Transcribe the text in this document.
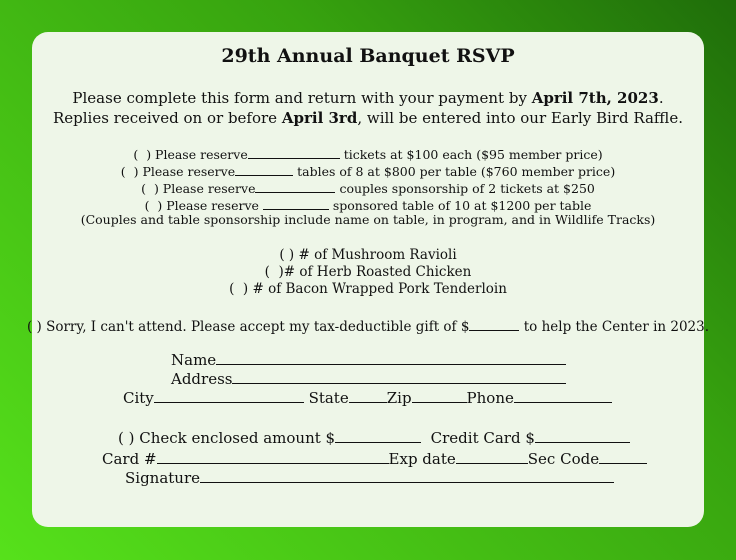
29th Annual Banquet RSVP
Please complete this form and return with your payment by April 7th, 2023.
Replies received on or before April 3rd, will be entered into our Early Bird Raffle.
(  ) Please reserve	tickets at $100 each ($95 member price)
(  ) Please reserve	tables of 8 at $800 per table ($760 member price)
(  ) Please reserve	couples sponsorship of 2 tickets at $250
(  ) Please reserve	sponsored table of 10 at $1200 per table
(Couples and table sponsorship include name on table, in program, and in Wildlife Tracks)
( ) # of Mushroom Ravioli
(  )# of Herb Roasted Chicken
(  ) # of Bacon Wrapped Pork Tenderloin
( ) Sorry, I can't attend. Please accept my tax-deductible gift of $	to help the Center in 2023.
Name
Address
City	State	Zip	Phone
( ) Check enclosed amount $	Credit Card $
Card #	Exp date	Sec Code
Signature
